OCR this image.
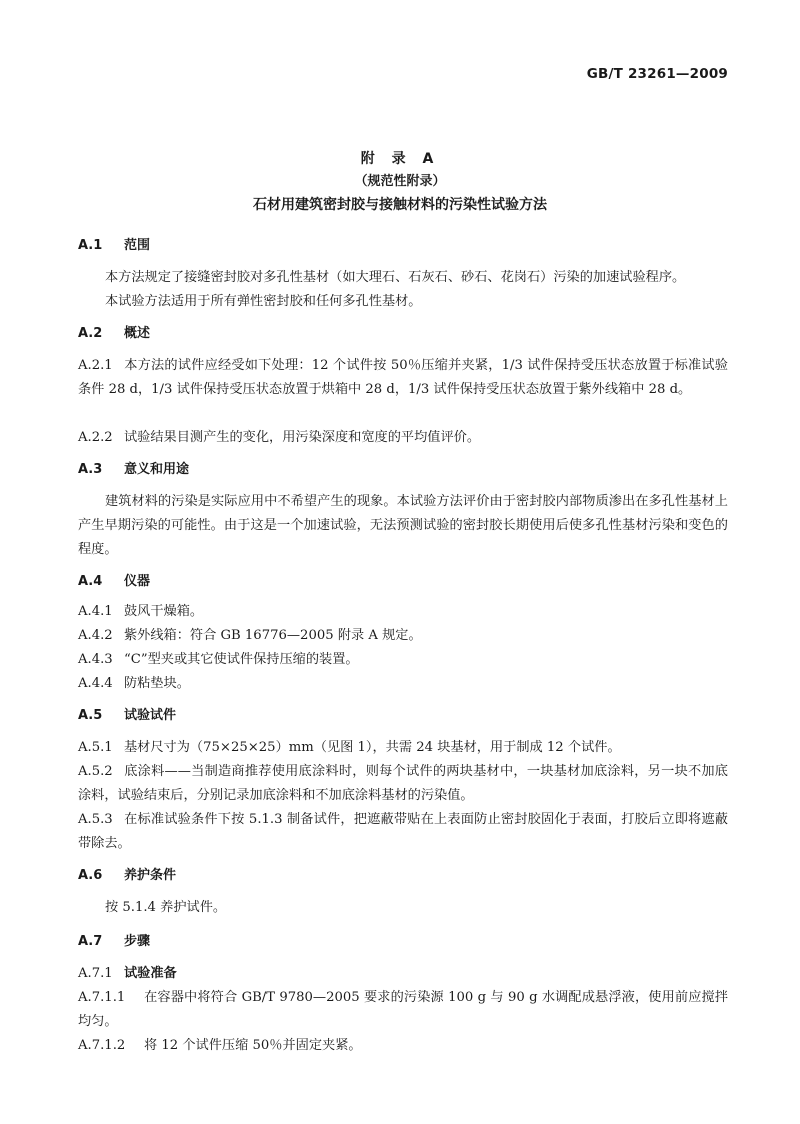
GB/T 23261—2009
附 录 A
（规范性附录）
石材用建筑密封胶与接触材料的污染性试验方法
A.1 范围
本方法规定了接缝密封胶对多孔性基材（如大理石、石灰石、砂石、花岗石）污染的加速试验程序。
本试验方法适用于所有弹性密封胶和任何多孔性基材。
A.2 概述
A.2.1 本方法的试件应经受如下处理：12 个试件按 50％压缩并夹紧，1/3 试件保持受压状态放置于标准试验条件 28 d，1/3 试件保持受压状态放置于烘箱中 28 d，1/3 试件保持受压状态放置于紫外线箱中 28 d。
A.2.2 试验结果目测产生的变化，用污染深度和宽度的平均值评价。
A.3 意义和用途
建筑材料的污染是实际应用中不希望产生的现象。本试验方法评价由于密封胶内部物质渗出在多孔性基材上产生早期污染的可能性。由于这是一个加速试验，无法预测试验的密封胶长期使用后使多孔性基材污染和变色的程度。
A.4 仪器
A.4.1 鼓风干燥箱。
A.4.2 紫外线箱：符合 GB 16776—2005 附录 A 规定。
A.4.3 “C”型夹或其它使试件保持压缩的装置。
A.4.4 防粘垫块。
A.5 试验试件
A.5.1 基材尺寸为（75×25×25）mm（见图 1），共需 24 块基材，用于制成 12 个试件。
A.5.2 底涂料——当制造商推荐使用底涂料时，则每个试件的两块基材中，一块基材加底涂料，另一块不加底涂料，试验结束后，分别记录加底涂料和不加底涂料基材的污染值。
A.5.3 在标准试验条件下按 5.1.3 制备试件，把遮蔽带贴在上表面防止密封胶固化于表面，打胶后立即将遮蔽带除去。
A.6 养护条件
按 5.1.4 养护试件。
A.7 步骤
A.7.1 试验准备
A.7.1.1 在容器中将符合 GB/T 9780—2005 要求的污染源 100 g 与 90 g 水调配成悬浮液，使用前应搅拌均匀。
A.7.1.2 将 12 个试件压缩 50％并固定夹紧。
